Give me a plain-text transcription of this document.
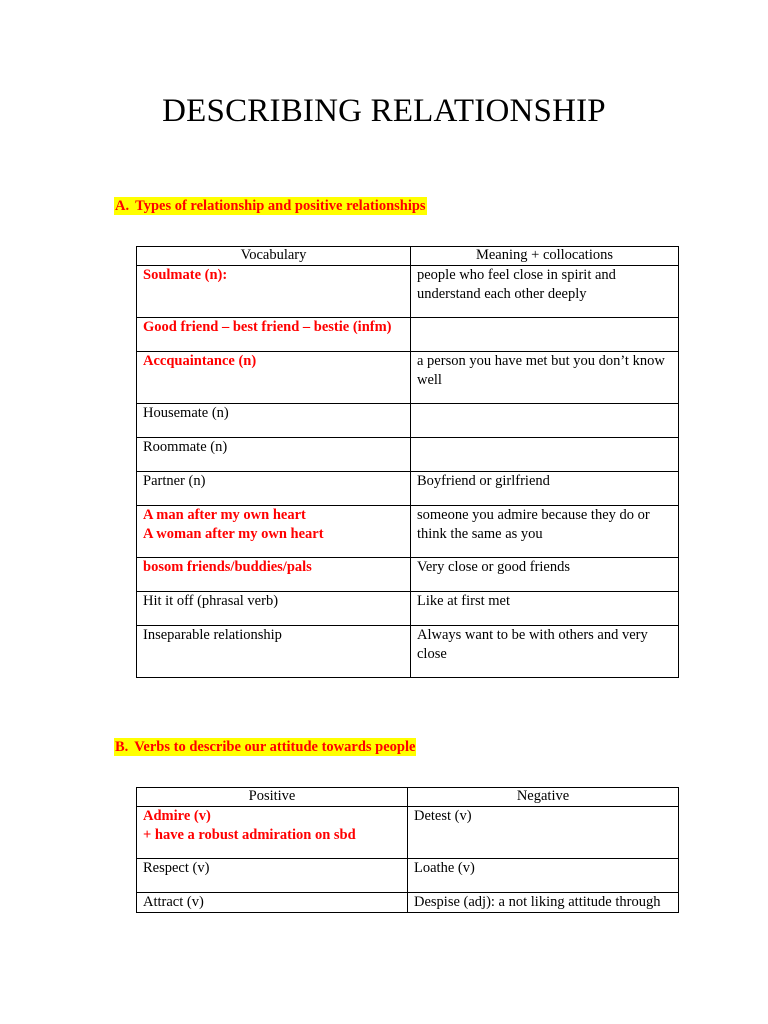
DESCRIBING RELATIONSHIP
A. Types of relationship and positive relationships
Vocabulary	Meaning + collocations

Soulmate (n):	people who feel close in spirit and understand each other deeply

Good friend – best friend – bestie (infm)	

Accquaintance (n)	a person you have met but you don’t know well

Housemate (n)	

Roommate (n)	

Partner (n)	Boyfriend or girlfriend

A man after my own heart
A woman after my own heart	someone you admire because they do or think the same as you

bosom friends/buddies/pals	Very close or good friends

Hit it off (phrasal verb)	Like at first met

Inseparable relationship	Always want to be with others and very close
B. Verbs to describe our attitude towards people
Positive	Negative

Admire (v)
+ have a robust admiration on sbd	Detest (v)

Respect (v)	Loathe (v)

Attract (v)	Despise (adj): a not liking attitude through
